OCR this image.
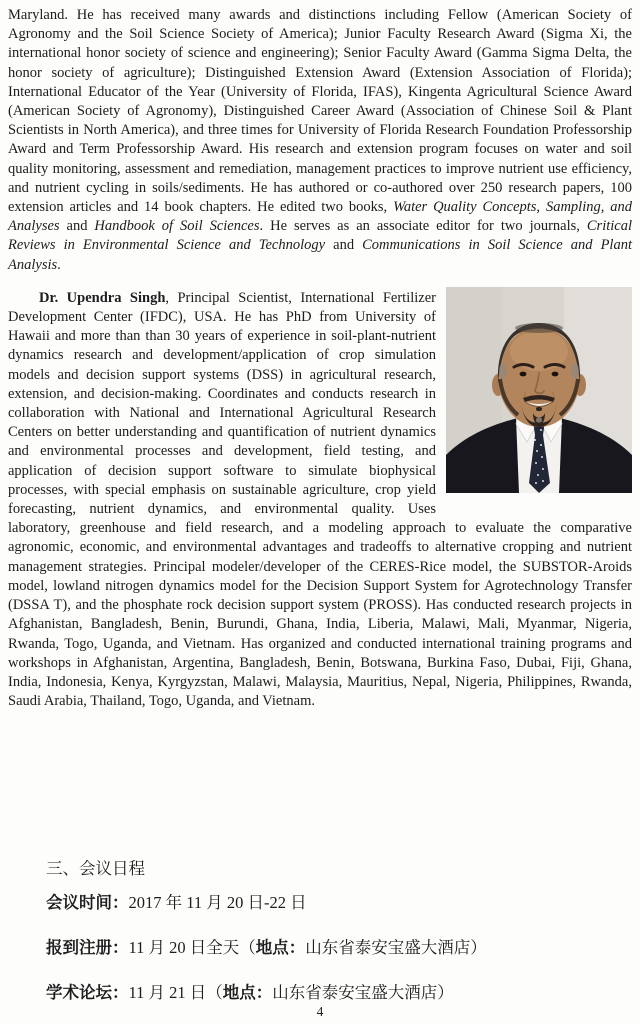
Maryland. He has received many awards and distinctions including Fellow (American Society of Agronomy and the Soil Science Society of America); Junior Faculty Research Award (Sigma Xi, the international honor society of science and engineering); Senior Faculty Award (Gamma Sigma Delta, the honor society of agriculture); Distinguished Extension Award (Extension Association of Florida); International Educator of the Year (University of Florida, IFAS), Kingenta Agricultural Science Award (American Society of Agronomy), Distinguished Career Award (Association of Chinese Soil & Plant Scientists in North America), and three times for University of Florida Research Foundation Professorship Award and Term Professorship Award. His research and extension program focuses on water and soil quality monitoring, assessment and remediation, management practices to improve nutrient use efficiency, and nutrient cycling in soils/sediments. He has authored or co-authored over 250 research papers, 100 extension articles and 14 book chapters. He edited two books, Water Quality Concepts, Sampling, and Analyses and Handbook of Soil Sciences. He serves as an associate editor for two journals, Critical Reviews in Environmental Science and Technology and Communications in Soil Science and Plant Analysis.

Dr. Upendra Singh, Principal Scientist, International Fertilizer Development Center (IFDC), USA. He has PhD from University of Hawaii and more than than 30 years of experience in soil-plant-nutrient dynamics research and development/application of crop simulation models and decision support systems (DSS) in agricultural research, extension, and decision-making. Coordinates and conducts research in collaboration with National and International Agricultural Research Centers on better understanding and quantification of nutrient dynamics and environmental processes and development, field testing, and application of decision support software to simulate biophysical processes, with special emphasis on sustainable agriculture, crop yield forecasting, nutrient dynamics, and environmental quality. Uses laboratory, greenhouse and field research, and a modeling approach to evaluate the comparative agronomic, economic, and environmental advantages and tradeoffs to alternative cropping and nutrient management strategies. Principal modeler/developer of the CERES-Rice model, the SUBSTOR-Aroids model, lowland nitrogen dynamics model for the Decision Support System for Agrotechnology Transfer (DSSA T), and the phosphate rock decision support system (PROSS). Has conducted research projects in Afghanistan, Bangladesh, Benin, Burundi, Ghana, India, Liberia, Malawi, Mali, Myanmar, Nigeria, Rwanda, Togo, Uganda, and Vietnam. Has organized and conducted international training programs and workshops in Afghanistan, Argentina, Bangladesh, Benin, Botswana, Burkina Faso, Dubai, Fiji, Ghana, India, Indonesia, Kenya, Kyrgyzstan, Malawi, Malaysia, Mauritius, Nepal, Nigeria, Philippines, Rwanda, Saudi Arabia, Thailand, Togo, Uganda, and Vietnam.

三、会议日程
会议时间：2017 年 11 月 20 日-22 日
报到注册：11 月 20 日全天（地点：山东省泰安宝盛大酒店）
学术论坛：11 月 21 日（地点：山东省泰安宝盛大酒店）
4
